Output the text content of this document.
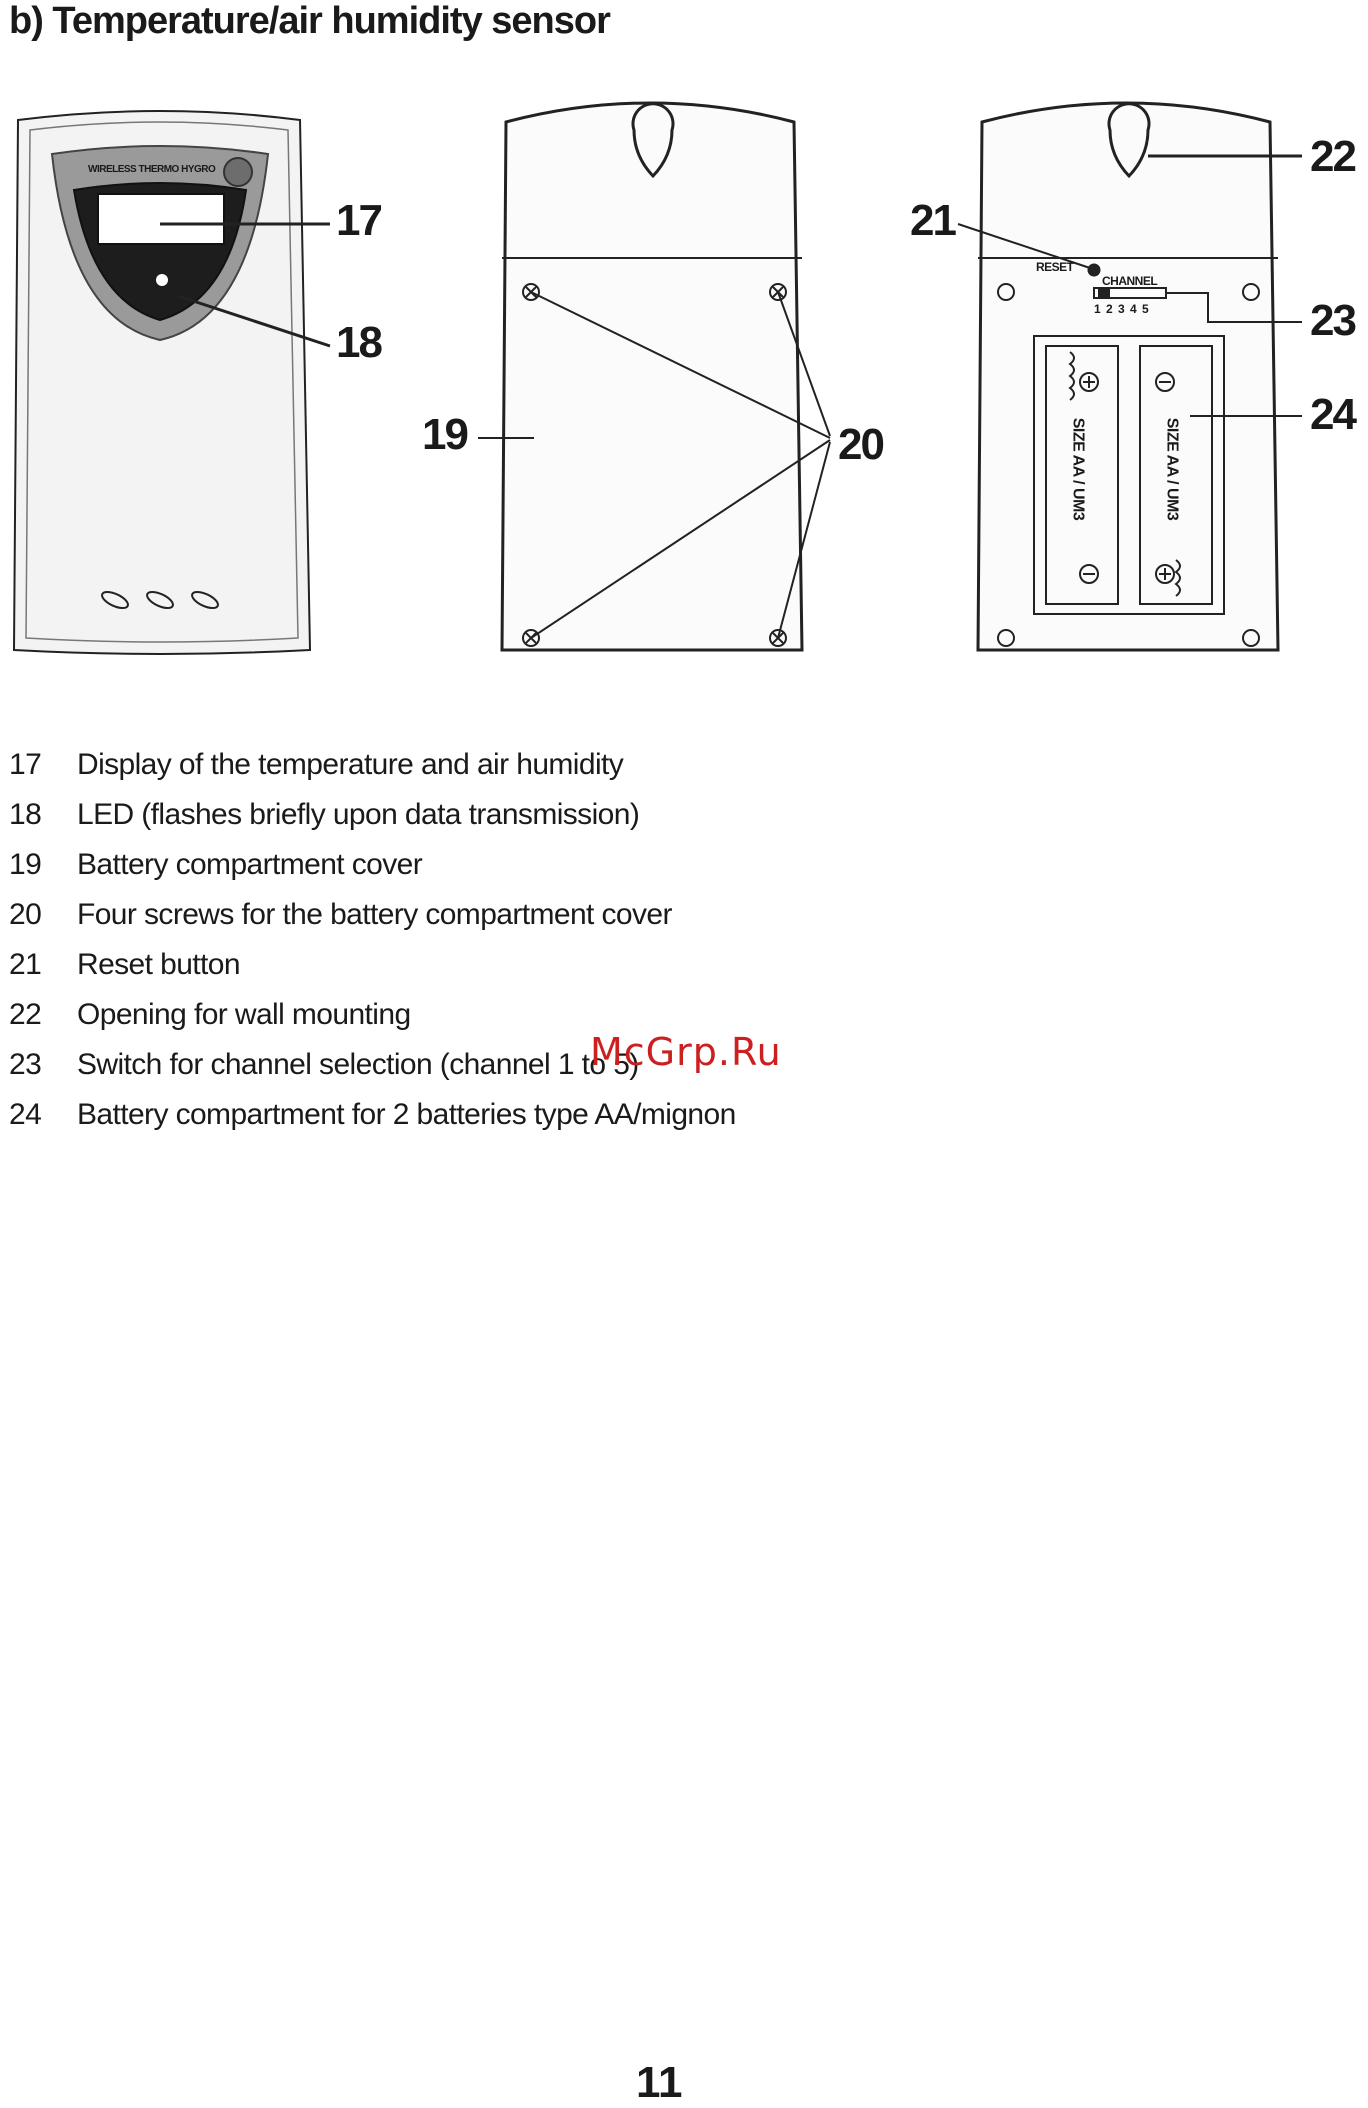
b) Temperature/air humidity sensor
WIRELESS THERMO HYGRO
RESET
CHANNEL
1 2 3 4 5
SIZE AA / UM3	SIZE AA / UM3
17
18
19	20
21
22
23
24
17	Display of the temperature and air humidity
18	LED (flashes briefly upon data transmission)
19	Battery compartment cover
20	Four screws for the battery compartment cover
21	Reset button
22	Opening for wall mounting
23	Switch for channel selection (channel 1 to 5)
24	Battery compartment for 2 batteries type AA/mignon
McGrp.Ru
11
